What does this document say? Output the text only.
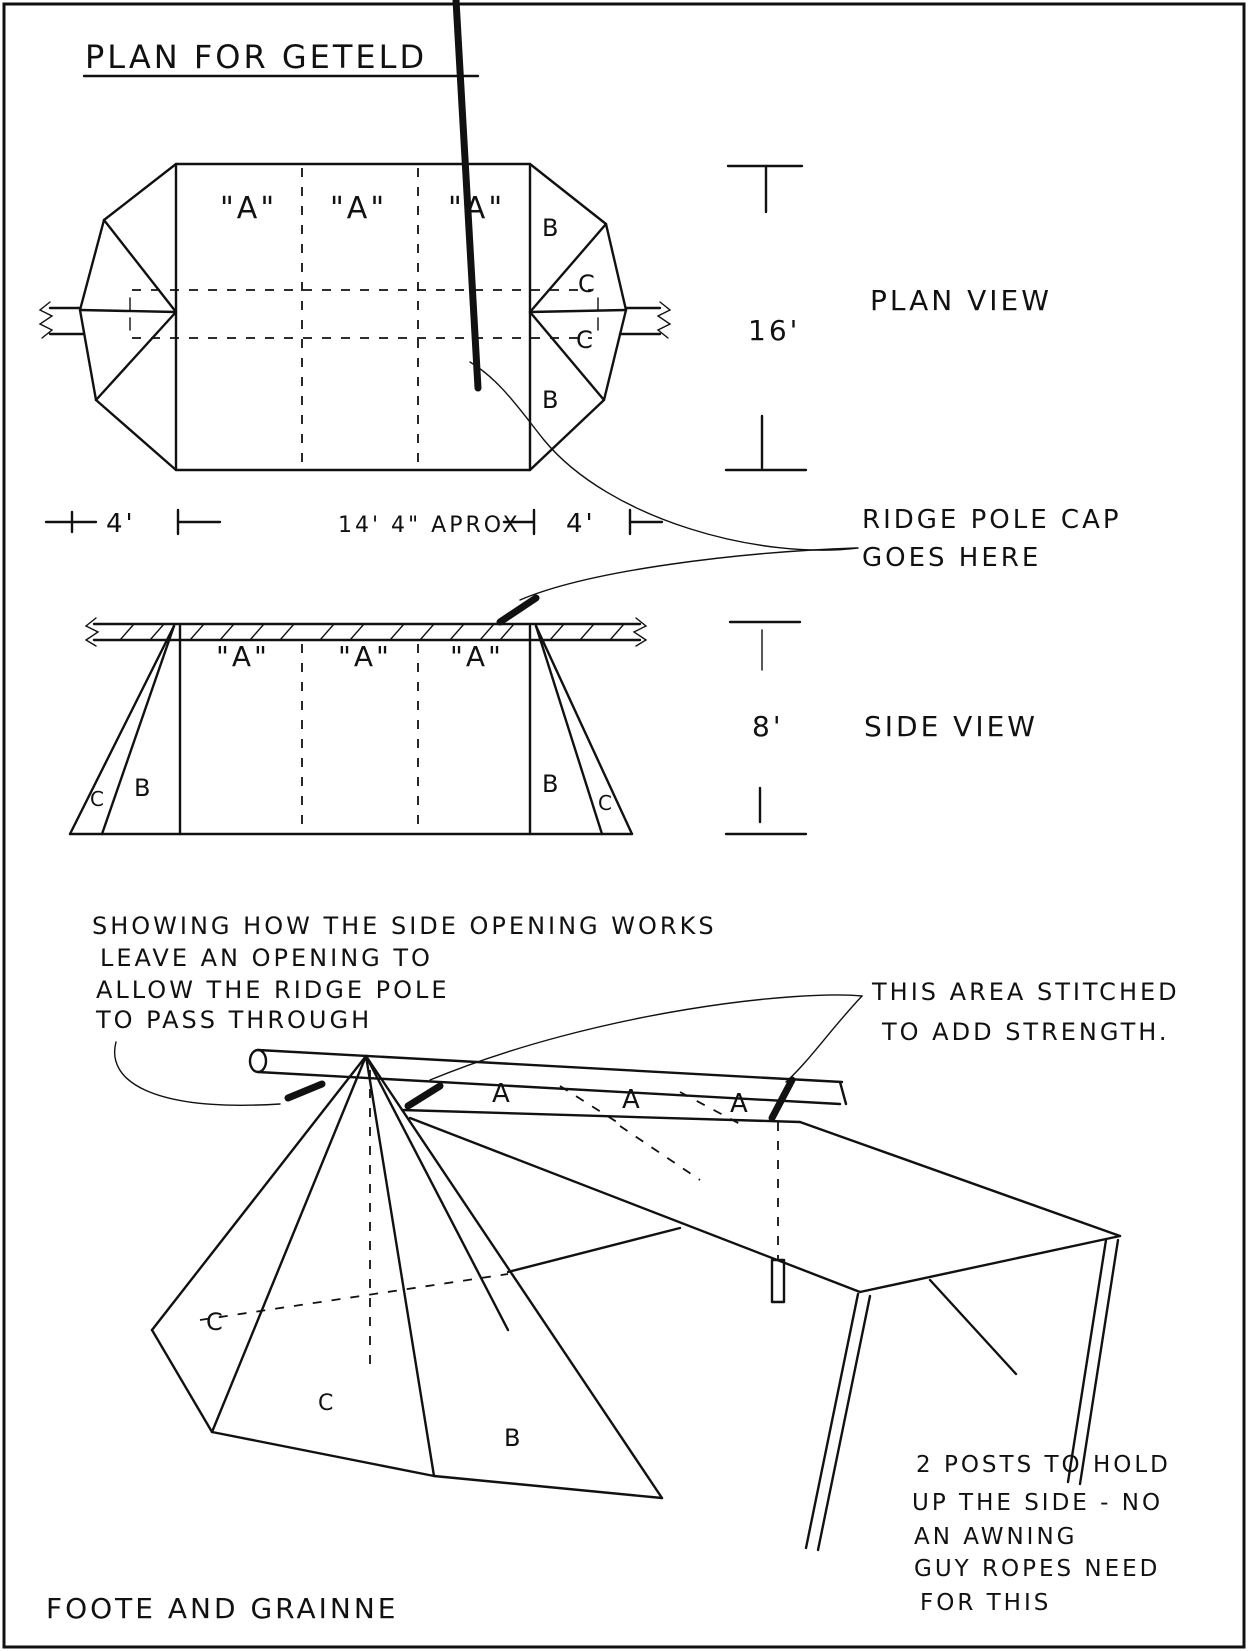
PLAN FOR GETELD
"A" "A" "A"
B
B
C
C	16'
4'	14' 4" APROX 4'
PLAN VIEW
RIDGE POLE CAP
GOES HERE
"A" "A" "A"
C B	B
C
8'	SIDE VIEW
SHOWING HOW THE SIDE OPENING WORKS
LEAVE AN OPENING TO
ALLOW THE RIDGE POLE
TO PASS THROUGH
THIS AREA STITCHED
TO ADD STRENGTH.
A	A	A
C
C
B
2 POSTS TO HOLD
UP THE SIDE - NO
AN AWNING
GUY ROPES NEED
FOR THIS
FOOTE AND GRAINNE
